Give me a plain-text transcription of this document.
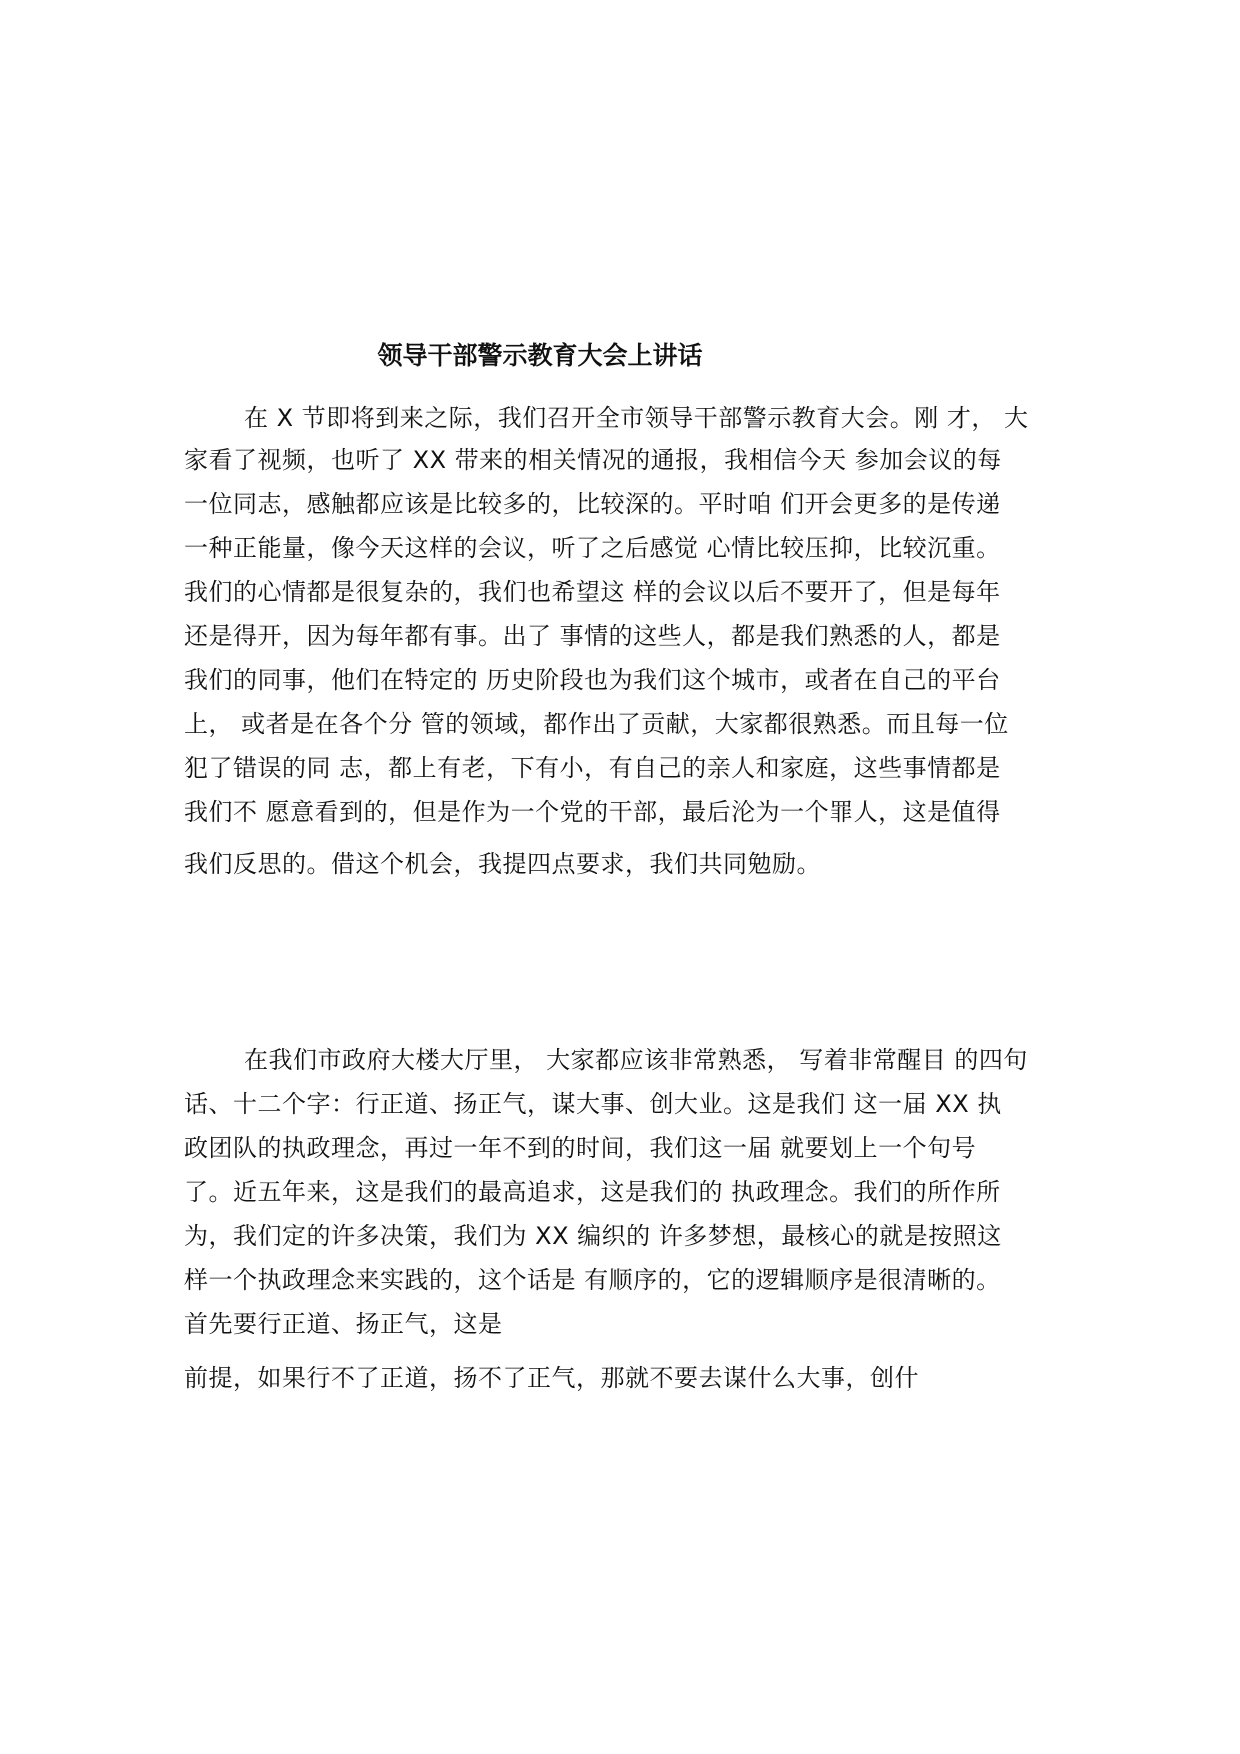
领导干部警示教育大会上讲话
在 X 节即将到来之际，我们召开全市领导干部警示教育大会。刚 才， 大
家看了视频，也听了 XX 带来的相关情况的通报，我相信今天 参加会议的每
一位同志，感触都应该是比较多的，比较深的。平时咱 们开会更多的是传递
一种正能量，像今天这样的会议，听了之后感觉 心情比较压抑，比较沉重。
我们的心情都是很复杂的，我们也希望这 样的会议以后不要开了，但是每年
还是得开，因为每年都有事。出了 事情的这些人，都是我们熟悉的人，都是
我们的同事，他们在特定的 历史阶段也为我们这个城市，或者在自己的平台
上， 或者是在各个分 管的领域，都作出了贡献，大家都很熟悉。而且每一位
犯了错误的同 志，都上有老，下有小，有自己的亲人和家庭，这些事情都是
我们不 愿意看到的，但是作为一个党的干部，最后沦为一个罪人，这是值得
我们反思的。借这个机会，我提四点要求，我们共同勉励。
在我们市政府大楼大厅里， 大家都应该非常熟悉， 写着非常醒目 的四句
话、十二个字：行正道、扬正气，谋大事、创大业。这是我们 这一届 XX 执
政团队的执政理念，再过一年不到的时间，我们这一届 就要划上一个句号
了。近五年来，这是我们的最高追求，这是我们的 执政理念。我们的所作所
为，我们定的许多决策，我们为 XX 编织的 许多梦想，最核心的就是按照这
样一个执政理念来实践的，这个话是 有顺序的，它的逻辑顺序是很清晰的。
首先要行正道、扬正气，这是
前提，如果行不了正道，扬不了正气，那就不要去谋什么大事，创什
